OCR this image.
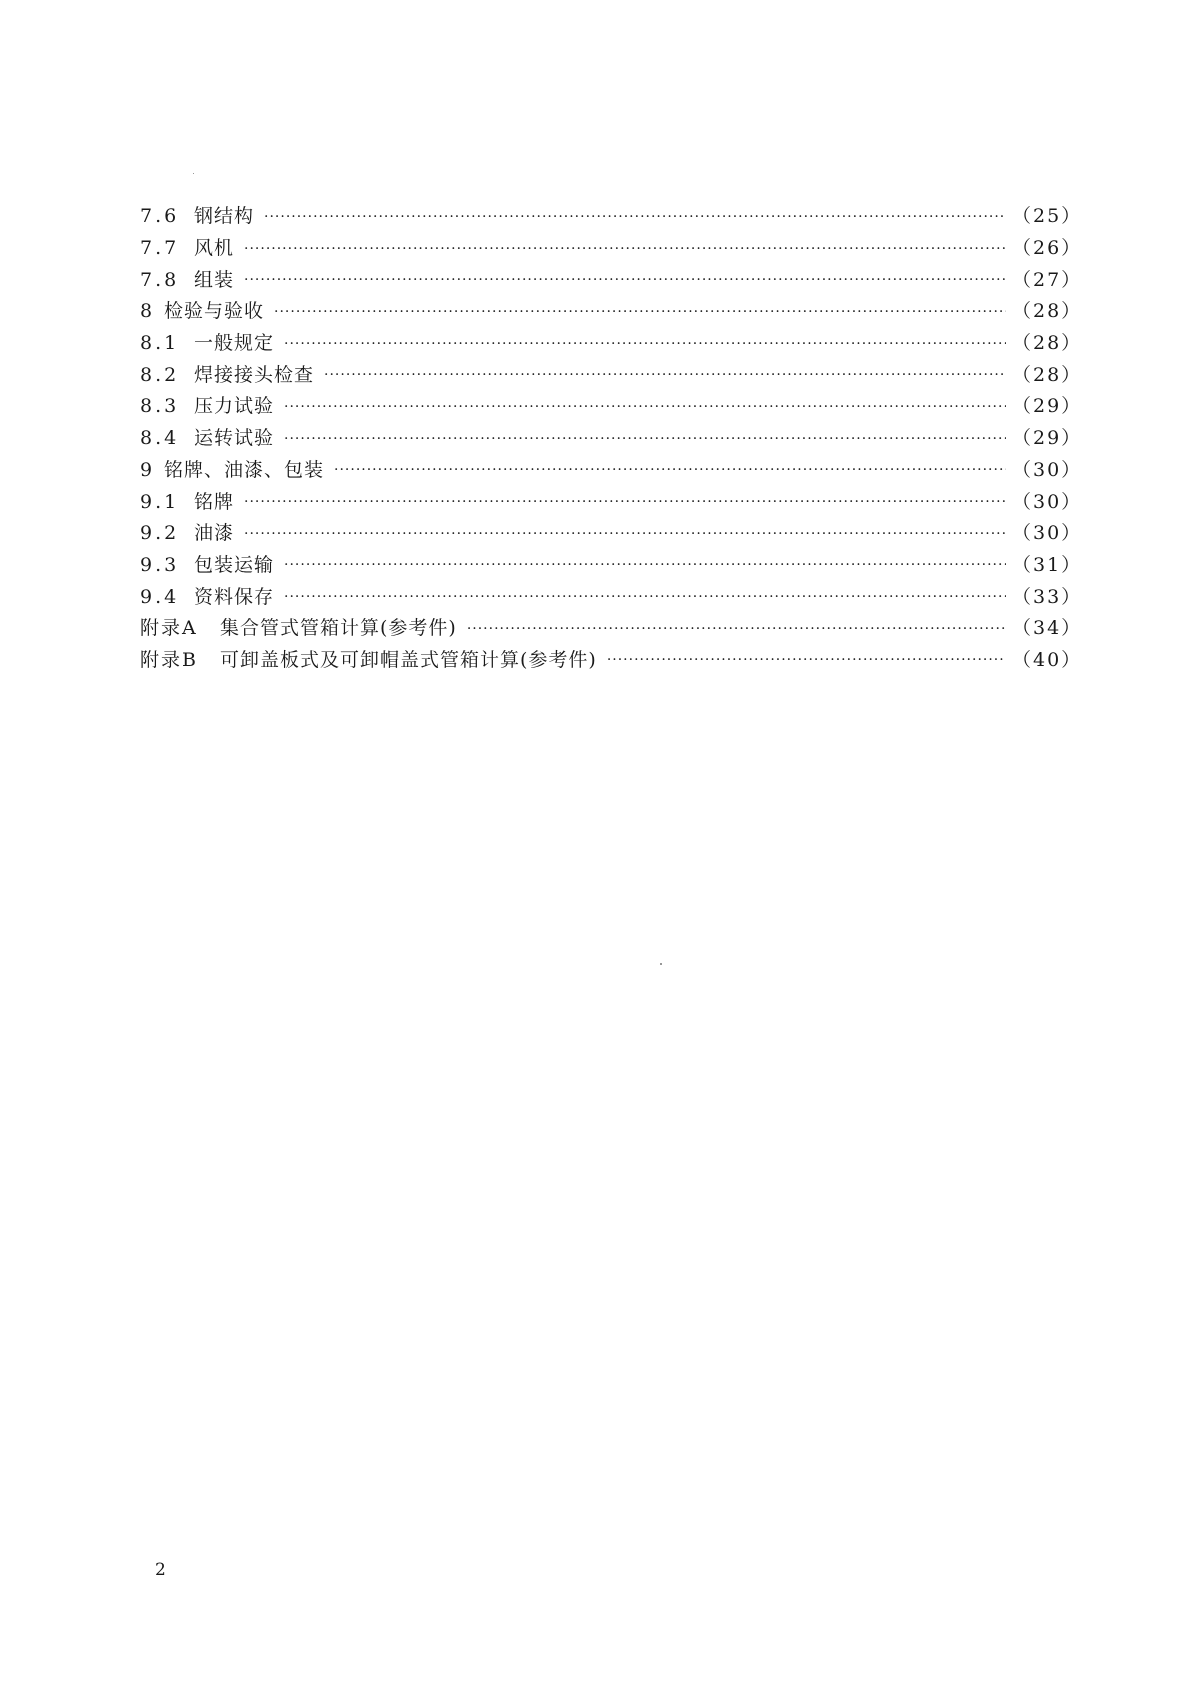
7.6 钢结构 ·····	（25）
7.7 风机 ·····	（26）
7.8 组装 ·····	（27）
8 检验与验收 ·····	（28）
8.1 一般规定 ·····	（28）
8.2 焊接接头检查 ·····	（28）
8.3 压力试验 ·····	（29）
8.4 运转试验 ·····	（29）
9 铭牌、油漆、包装 ·····	（30）
9.1 铭牌 ·····	（30）
9.2 油漆 ·····	（30）
9.3 包装运输 ·····	（31）
9.4 资料保存 ·····	（33）
附录A	集合管式管箱计算(参考件) ·····	（34）
附录B	可卸盖板式及可卸帽盖式管箱计算(参考件) ·····	（40）
2
